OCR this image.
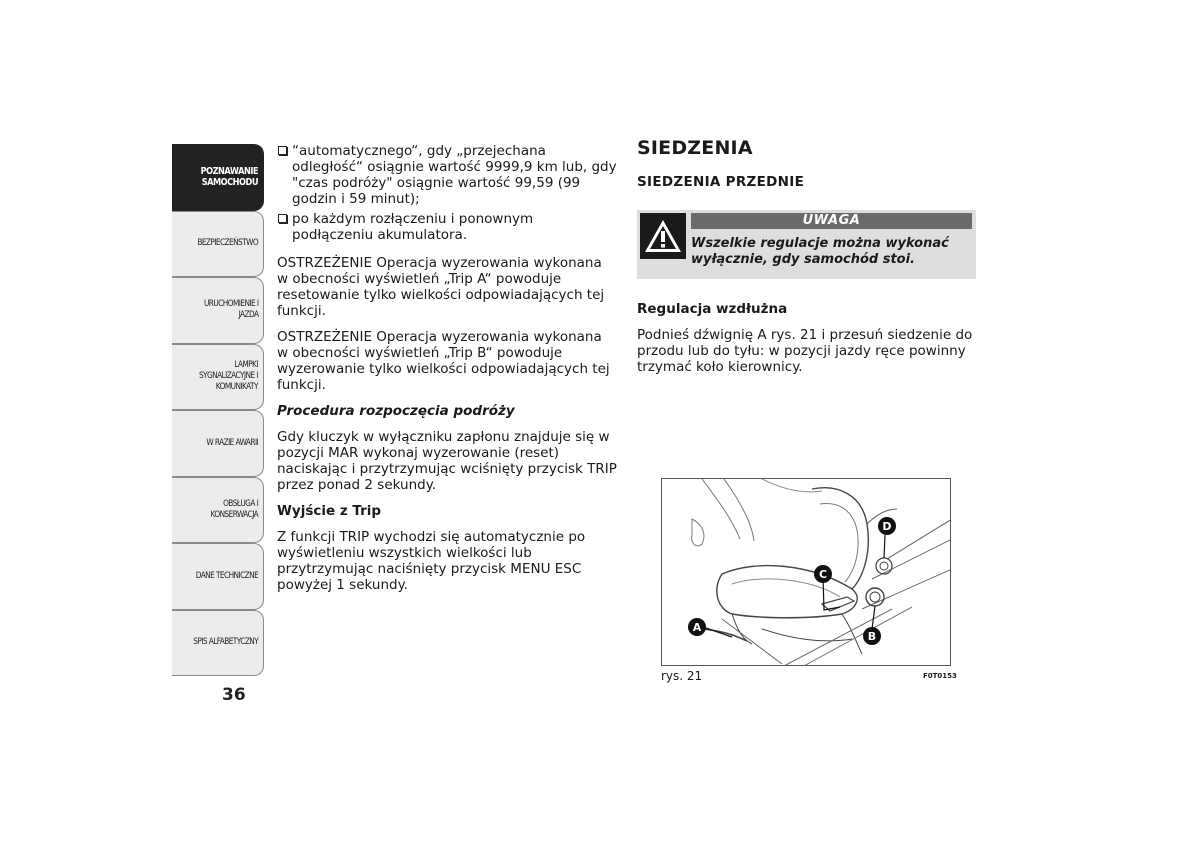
POZNAWANIE
SAMOCHODU
BEZPIECZEŃSTWO
URUCHOMIENIE I
JAZDA
LAMPKI
SYGNALIZACYJNE I
KOMUNIKATY
W RAZIE AWARII
OBSŁUGA I
KONSERWACJA
DANE TECHNICZNE
SPIS ALFABETYCZNY
36
“automatycznego“, gdy „przejechana odległość“ osiągnie wartość 9999,9 km lub, gdy "czas podróży" osiągnie wartość 99,59 (99 godzin i 59 minut);
po każdym rozłączeniu i ponownym podłączeniu akumulatora.

OSTRZEŻENIE Operacja wyzerowania wykonana w obecności wyświetleń „Trip A“ powoduje resetowanie tylko wielkości odpowiadających tej funkcji.

OSTRZEŻENIE Operacja wyzerowania wykonana w obecności wyświetleń „Trip B“ powoduje wyzerowanie tylko wielkości odpowiadających tej funkcji.

Procedura rozpoczęcia podróży

Gdy kluczyk w wyłączniku zapłonu znajduje się w pozycji MAR wykonaj wyzerowanie (reset) naciskając i przytrzymując wciśnięty przycisk TRIP przez ponad 2 sekundy.

Wyjście z Trip

Z funkcji TRIP wychodzi się automatycznie po wyświetleniu wszystkich wielkości lub przytrzymując naciśnięty przycisk MENU ESC powyżej 1 sekundy.

SIEDZENIA
SIEDZENIA PRZEDNIE
UWAGA
Wszelkie regulacje można wykonać wyłącznie, gdy samochód stoi.
Regulacja wzdłużna

Podnieś dźwignię A rys. 21 i przesuń siedzenie do przodu lub do tyłu: w pozycji jazdy ręce powinny trzymać koło kierownicy.

A
B
C
D
rys. 21	F0T0153
